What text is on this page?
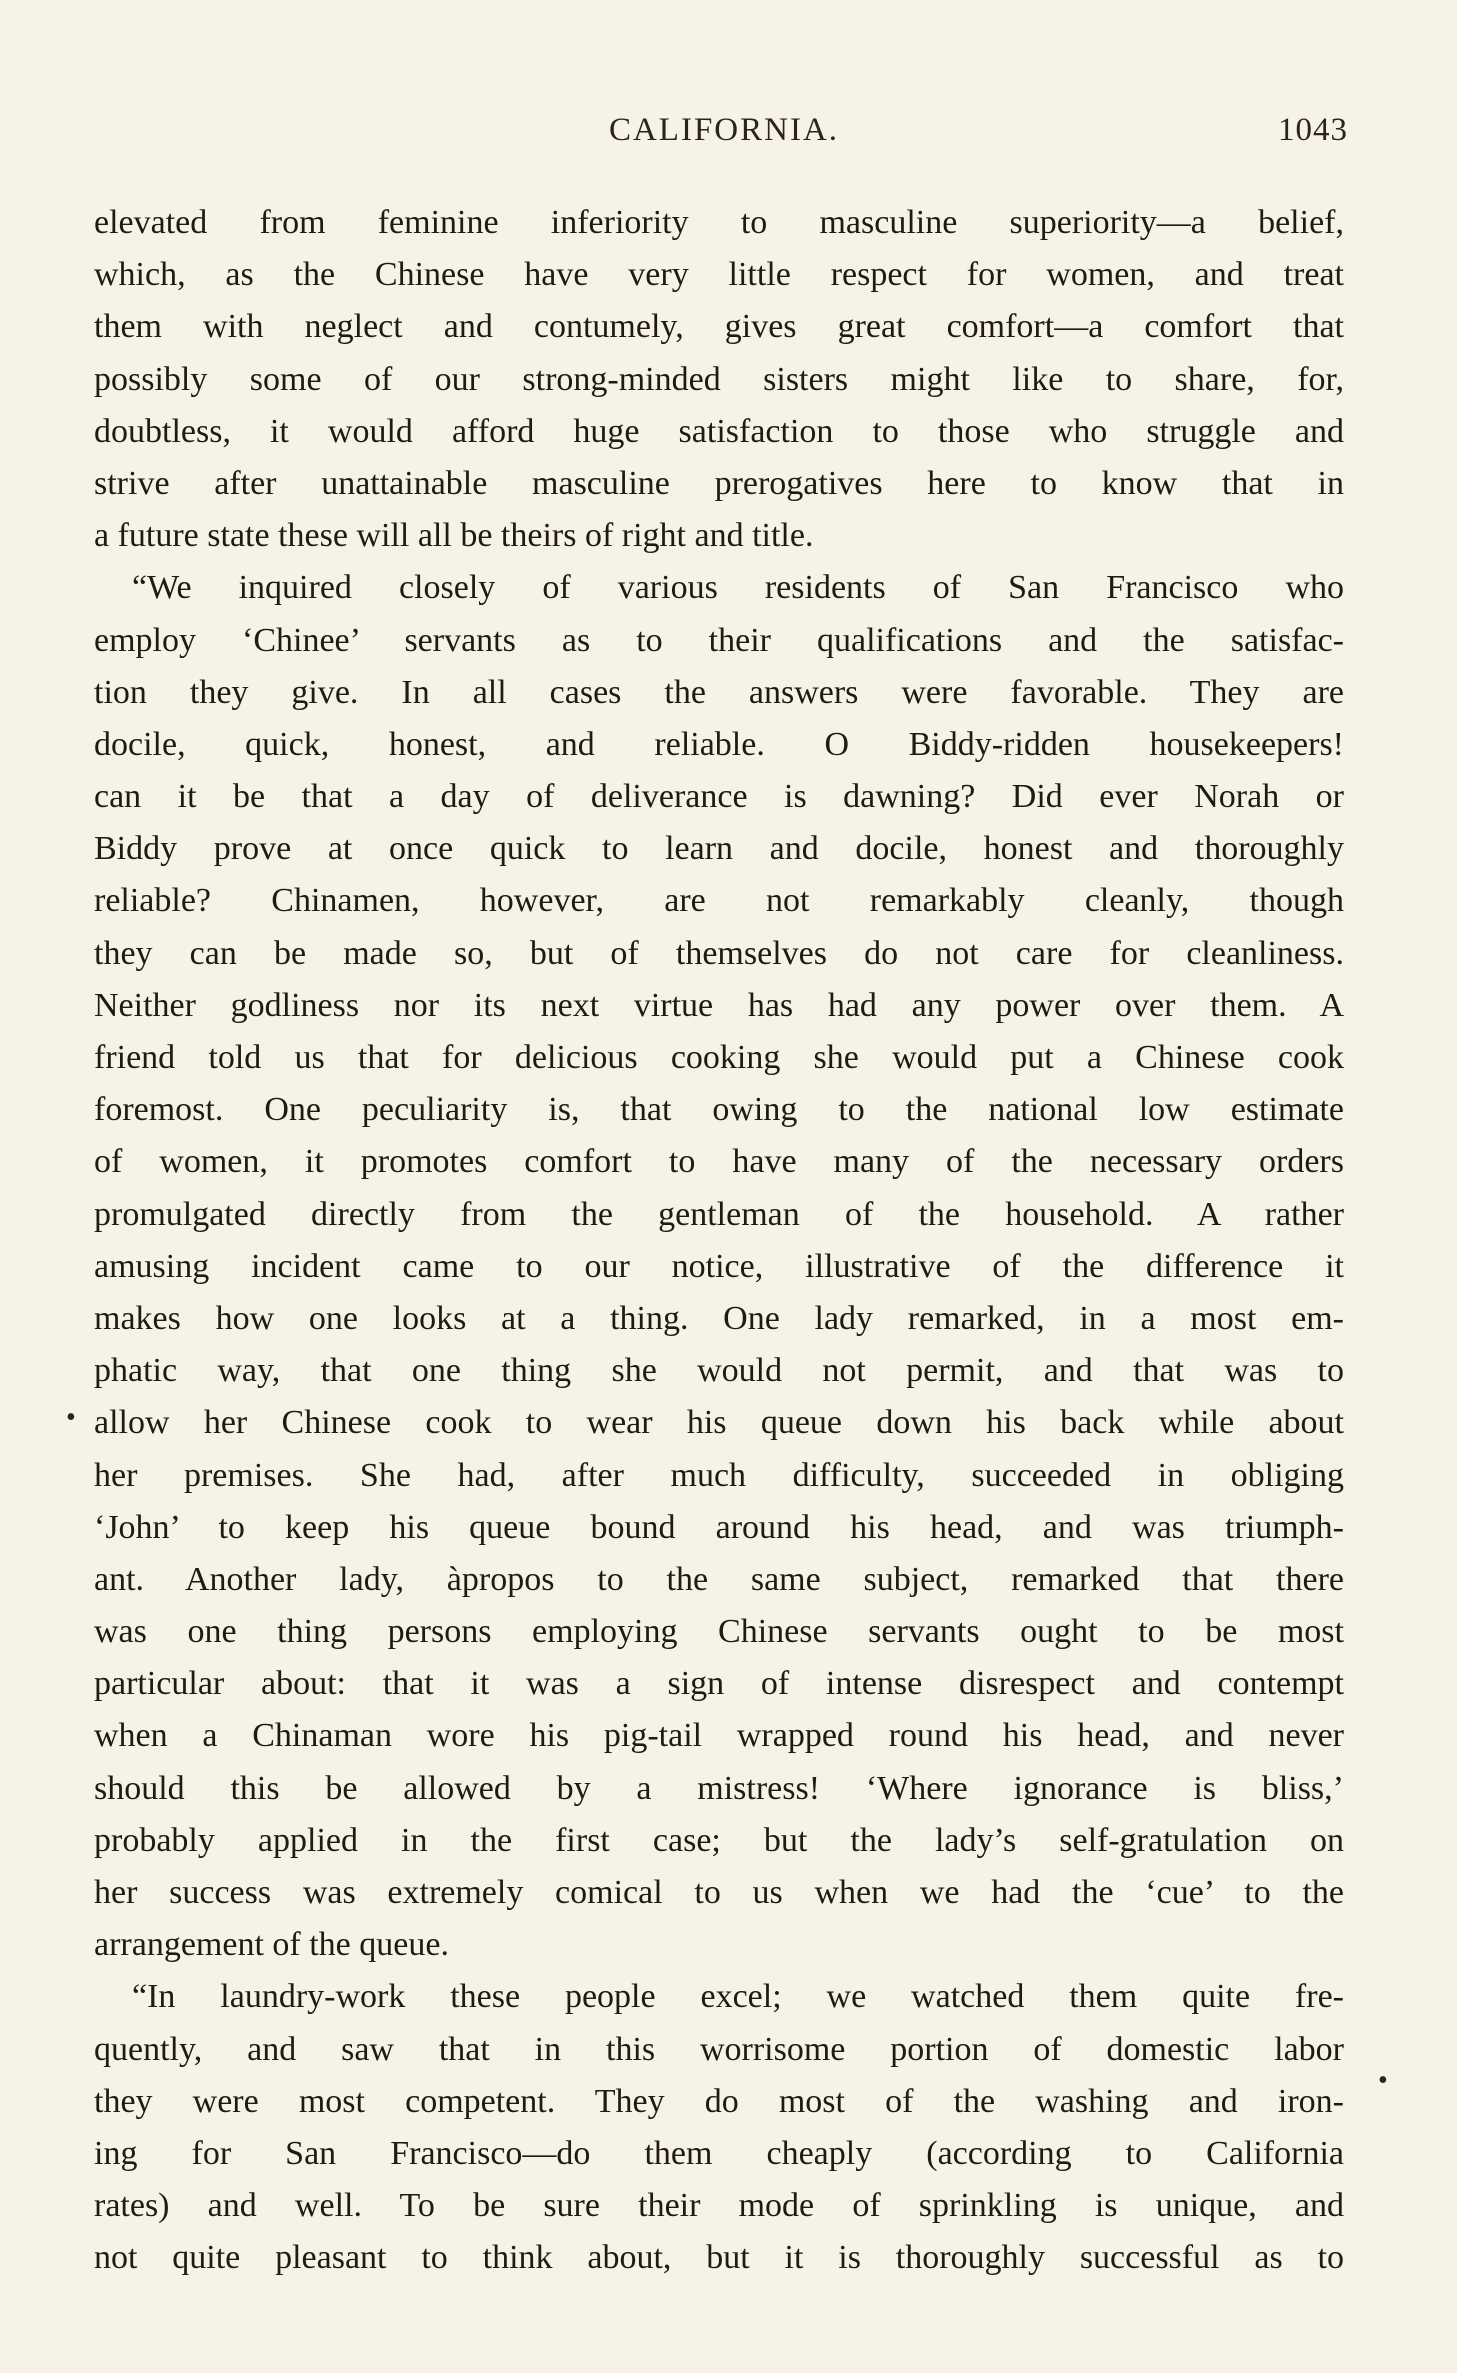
CALIFORNIA.	1043
elevated from feminine inferiority to masculine superiority—a belief,
which, as the Chinese have very little respect for women, and treat
them with neglect and contumely, gives great comfort—a comfort that
possibly some of our strong-minded sisters might like to share, for,
doubtless, it would afford huge satisfaction to those who struggle and
strive after unattainable masculine prerogatives here to know that in
a future state these will all be theirs of right and title.
“We inquired closely of various residents of San Francisco who
employ ‘Chinee’ servants as to their qualifications and the satisfac-
tion they give. In all cases the answers were favorable. They are
docile, quick, honest, and reliable. O Biddy-ridden housekeepers!
can it be that a day of deliverance is dawning? Did ever Norah or
Biddy prove at once quick to learn and docile, honest and thoroughly
reliable? Chinamen, however, are not remarkably cleanly, though
they can be made so, but of themselves do not care for cleanliness.
Neither godliness nor its next virtue has had any power over them. A
friend told us that for delicious cooking she would put a Chinese cook
foremost. One peculiarity is, that owing to the national low estimate
of women, it promotes comfort to have many of the necessary orders
promulgated directly from the gentleman of the household. A rather
amusing incident came to our notice, illustrative of the difference it
makes how one looks at a thing. One lady remarked, in a most em-
phatic way, that one thing she would not permit, and that was to
allow her Chinese cook to wear his queue down his back while about
her premises. She had, after much difficulty, succeeded in obliging
‘John’ to keep his queue bound around his head, and was triumph-
ant. Another lady, àpropos to the same subject, remarked that there
was one thing persons employing Chinese servants ought to be most
particular about: that it was a sign of intense disrespect and contempt
when a Chinaman wore his pig-tail wrapped round his head, and never
should this be allowed by a mistress! ‘Where ignorance is bliss,’
probably applied in the first case; but the lady’s self-gratulation on
her success was extremely comical to us when we had the ‘cue’ to the
arrangement of the queue.
“In laundry-work these people excel; we watched them quite fre-
quently, and saw that in this worrisome portion of domestic labor
they were most competent. They do most of the washing and iron-
ing for San Francisco—do them cheaply (according to California
rates) and well. To be sure their mode of sprinkling is unique, and
not quite pleasant to think about, but it is thoroughly successful as to
•
•
